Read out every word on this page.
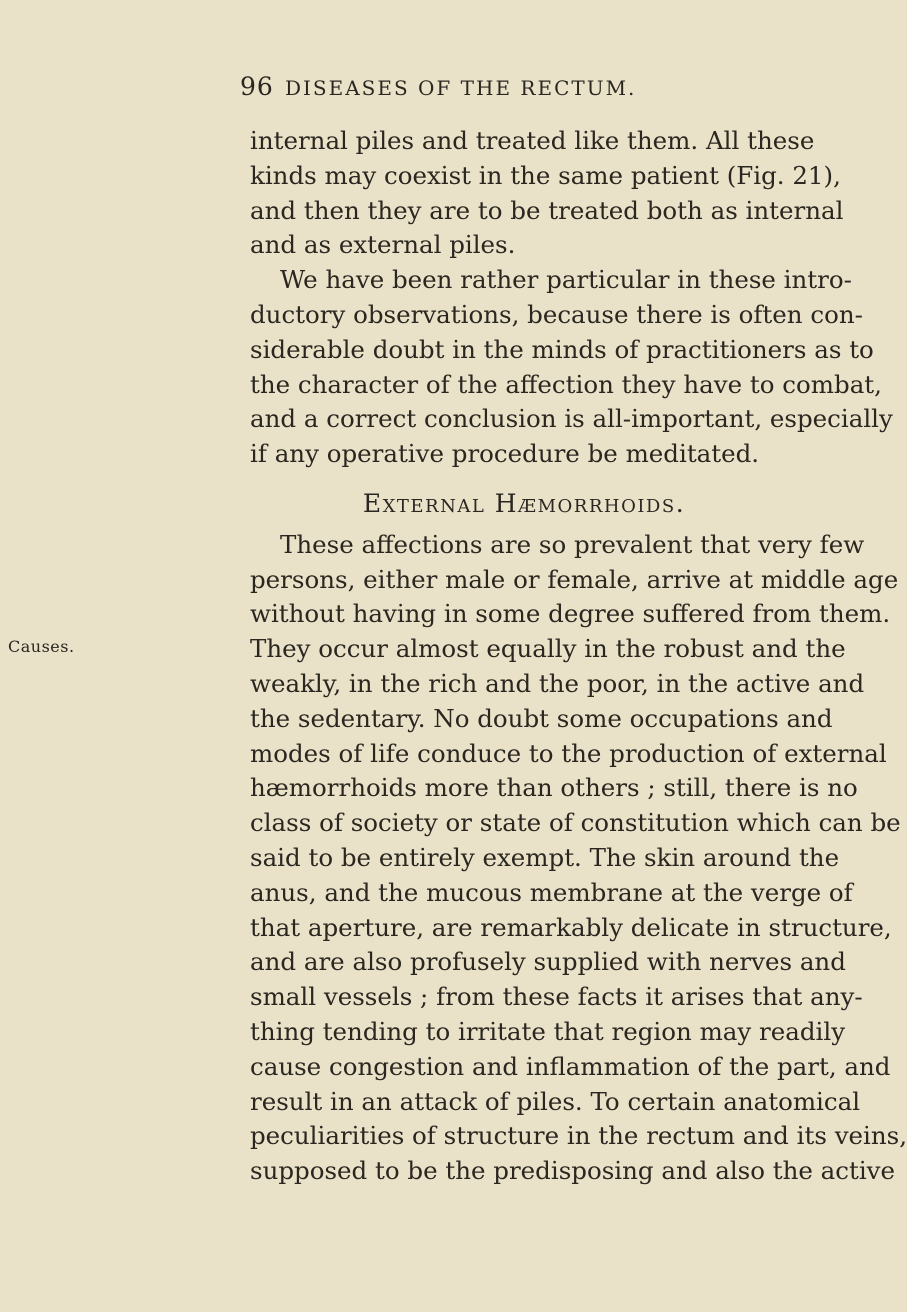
96 DISEASES OF THE RECTUM.
Causes.
internal piles and treated like them. All these
kinds may coexist in the same patient (Fig. 21),
and then they are to be treated both as internal
and as external piles.
We have been rather particular in these intro-
ductory observations, because there is often con-
siderable doubt in the minds of practitioners as to
the character of the affection they have to combat,
and a correct conclusion is all-important, especially
if any operative procedure be meditated.
External Hæmorrhoids.
These affections are so prevalent that very few
persons, either male or female, arrive at middle age
without having in some degree suffered from them.
They occur almost equally in the robust and the
weakly, in the rich and the poor, in the active and
the sedentary. No doubt some occupations and
modes of life conduce to the production of external
hæmorrhoids more than others ; still, there is no
class of society or state of constitution which can be
said to be entirely exempt. The skin around the
anus, and the mucous membrane at the verge of
that aperture, are remarkably delicate in structure,
and are also profusely supplied with nerves and
small vessels ; from these facts it arises that any-
thing tending to irritate that region may readily
cause congestion and inflammation of the part, and
result in an attack of piles. To certain anatomical
peculiarities of structure in the rectum and its veins,
supposed to be the predisposing and also the active
